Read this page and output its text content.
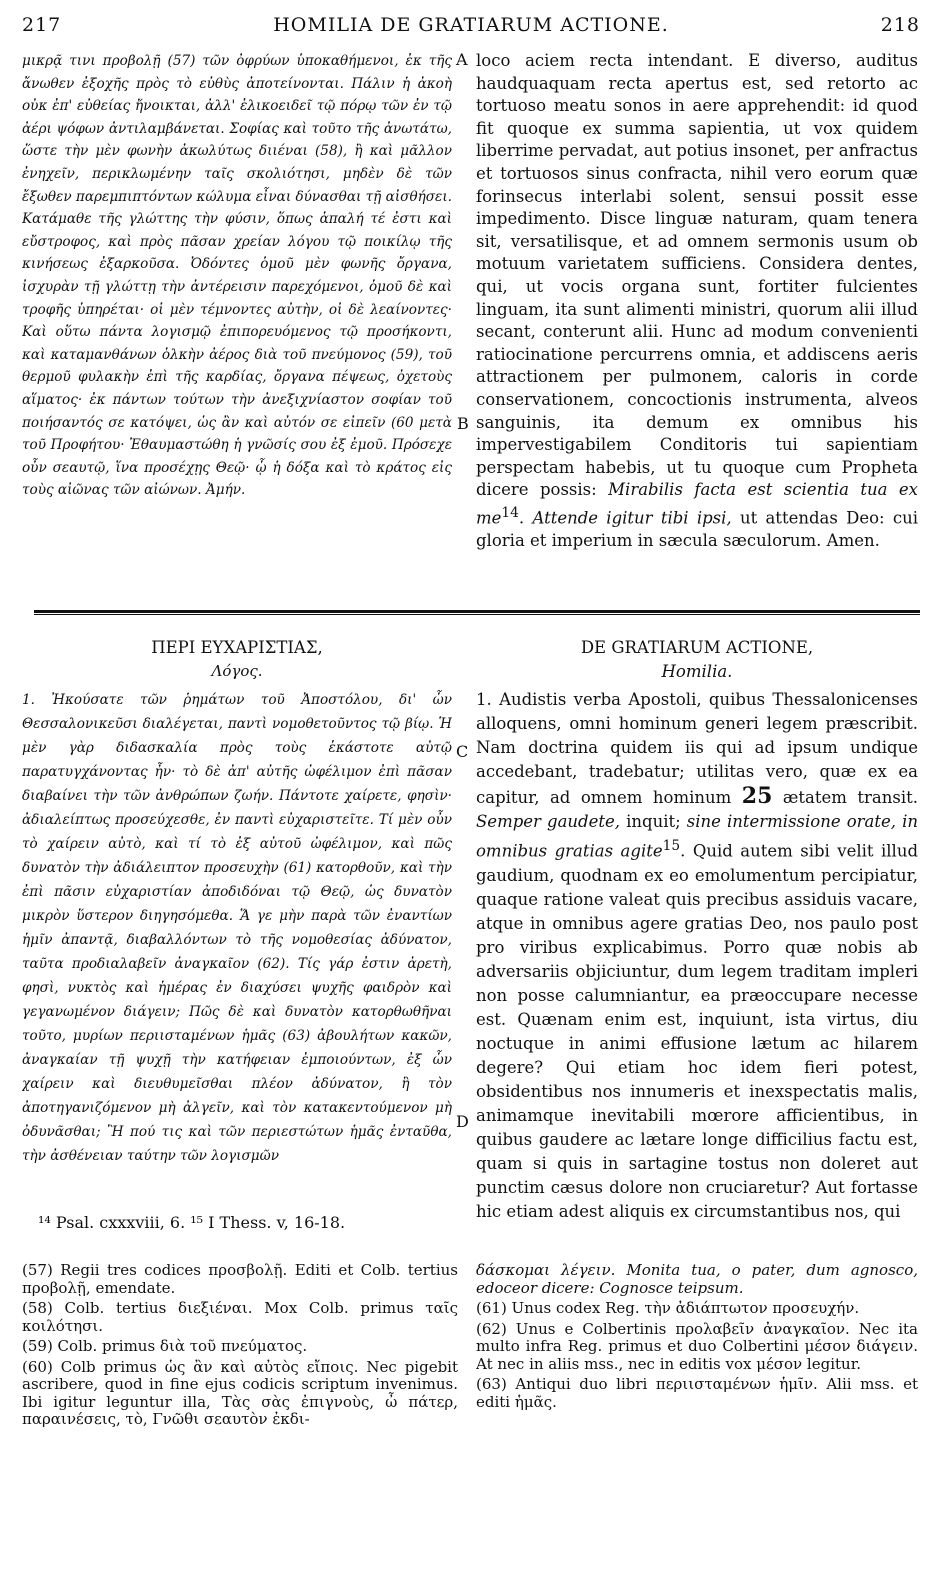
217	HOMILIA DE GRATIARUM ACTIONE.	218
μικρᾷ τινι προβολῇ (57) τῶν ὀφρύων ὑποκαθήμενοι, ἐκ τῆς ἄνωθεν ἐξοχῆς πρὸς τὸ εὐθὺς ἀποτείνονται. Πάλιν ἡ ἀκοὴ οὐκ ἐπ' εὐθείας ἤνοικται, ἀλλ' ἑλικοειδεῖ τῷ πόρῳ τῶν ἐν τῷ ἀέρι ψόφων ἀντιλαμβάνεται. Σοφίας καὶ τοῦτο τῆς ἀνωτάτω, ὥστε τὴν μὲν φωνὴν ἀκωλύτως διιέναι (58), ἢ καὶ μᾶλλον ἐνηχεῖν, περικλωμένην ταῖς σκολιότησι, μηδὲν δὲ τῶν ἔξωθεν παρεμπιπτόντων κώλυμα εἶναι δύνασθαι τῇ αἰσθήσει. Κατάμαθε τῆς γλώττης τὴν φύσιν, ὅπως ἁπαλή τέ ἐστι καὶ εὔστροφος, καὶ πρὸς πᾶσαν χρείαν λόγου τῷ ποικίλῳ τῆς κινήσεως ἐξαρκοῦσα. Ὀδόντες ὁμοῦ μὲν φωνῆς ὄργανα, ἰσχυρὰν τῇ γλώττῃ τὴν ἀντέρεισιν παρεχόμενοι, ὁμοῦ δὲ καὶ τροφῆς ὑπηρέται· οἱ μὲν τέμνοντες αὐτὴν, οἱ δὲ λεαίνοντες· Καὶ οὕτω πάντα λογισμῷ ἐπιπορευόμενος τῷ προσήκοντι, καὶ καταμανθάνων ὁλκὴν ἀέρος διὰ τοῦ πνεύμονος (59), τοῦ θερμοῦ φυλακὴν ἐπὶ τῆς καρδίας, ὄργανα πέψεως, ὀχετοὺς αἵματος· ἐκ πάντων τούτων τὴν ἀνεξιχνίαστον σοφίαν τοῦ ποιήσαντός σε κατόψει, ὡς ἂν καὶ αὐτόν σε εἰπεῖν (60 μετὰ τοῦ Προφήτου· Ἐθαυμαστώθη ἡ γνῶσίς σου ἐξ ἐμοῦ. Πρόσεχε οὖν σεαυτῷ, ἵνα προσέχῃς Θεῷ· ᾧ ἡ δόξα καὶ τὸ κράτος εἰς τοὺς αἰῶνας τῶν αἰώνων. Ἀμήν.
loco aciem recta intendant. E diverso, auditus haudquaquam recta apertus est, sed retorto ac tortuoso meatu sonos in aere apprehendit: id quod fit quoque ex summa sapientia, ut vox quidem liberrime pervadat, aut potius insonet, per anfractus et tortuosos sinus confracta, nihil vero eorum quæ forinsecus interlabi solent, sensui possit esse impedimento. Disce linguæ naturam, quam tenera sit, versatilisque, et ad omnem sermonis usum ob motuum varietatem sufficiens. Considera dentes, qui, ut vocis organa sunt, fortiter fulcientes linguam, ita sunt alimenti ministri, quorum alii illud secant, conterunt alii. Hunc ad modum convenienti ratiocinatione percurrens omnia, et addiscens aeris attractionem per pulmonem, caloris in corde conservationem, concoctionis instrumenta, alveos sanguinis, ita demum ex omnibus his impervestigabilem Conditoris tui sapientiam perspectam habebis, ut tu quoque cum Propheta dicere possis: Mirabilis facta est scientia tua ex $me^{14}$. Attende igitur tibi ipsi, ut attendas Deo: cui gloria et imperium in sæcula sæculorum. Amen.
A
B
C
D
ΠΕΡΙ ΕΥΧΑΡΙΣΤΙΑΣ,
Λόγος.
DE GRATIARUM ACTIONE,
Homilia.
1. Ἠκούσατε τῶν ῥημάτων τοῦ Ἀποστόλου, δι' ὧν Θεσσαλονικεῦσι διαλέγεται, παντὶ νομοθετοῦντος τῷ βίῳ. Ἡ μὲν γὰρ διδασκαλία πρὸς τοὺς ἑκάστοτε αὐτῷ παρατυγχάνοντας ἦν· τὸ δὲ ἀπ' αὐτῆς ὠφέλιμον ἐπὶ πᾶσαν διαβαίνει τὴν τῶν ἀνθρώπων ζωήν. Πάντοτε χαίρετε, φησὶν· ἀδιαλείπτως προσεύχεσθε, ἐν παντὶ εὐχαριστεῖτε. Τί μὲν οὖν τὸ χαίρειν αὐτὸ, καὶ τί τὸ ἐξ αὐτοῦ ὠφέλιμον, καὶ πῶς δυνατὸν τὴν ἀδιάλειπτον προσευχὴν (61) κατορθοῦν, καὶ τὴν ἐπὶ πᾶσιν εὐχαριστίαν ἀποδιδόναι τῷ Θεῷ, ὡς δυνατὸν μικρὸν ὕστερον διηγησόμεθα. Ἅ γε μὴν παρὰ τῶν ἐναντίων ἡμῖν ἀπαντᾷ, διαβαλλόντων τὸ τῆς νομοθεσίας ἀδύνατον, ταῦτα προδιαλαβεῖν ἀναγκαῖον (62). Τίς γάρ ἐστιν ἀρετὴ, φησὶ, νυκτὸς καὶ ἡμέρας ἐν διαχύσει ψυχῆς φαιδρὸν καὶ γεγανωμένον διάγειν; Πῶς δὲ καὶ δυνατὸν κατορθωθῆναι τοῦτο, μυρίων περιισταμένων ἡμᾶς (63) ἀβουλήτων κακῶν, ἀναγκαίαν τῇ ψυχῇ τὴν κατήφειαν ἐμποιούντων, ἐξ ὧν χαίρειν καὶ διευθυμεῖσθαι πλέον ἀδύνατον, ἢ τὸν ἀποτηγανιζόμενον μὴ ἀλγεῖν, καὶ τὸν κατακεντούμενον μὴ ὀδυνᾶσθαι; Ἢ πού τις καὶ τῶν περιεστώτων ἡμᾶς ἐνταῦθα, τὴν ἀσθένειαν ταύτην τῶν λογισμῶν
1. Audistis verba Apostoli, quibus Thessalonicenses alloquens, omni hominum generi legem præscribit. Nam doctrina quidem iis qui ad ipsum undique accedebant, tradebatur; utilitas vero, quæ ex ea capitur, ad omnem hominum 25 ætatem transit. Semper gaudete, inquit; sine intermissione orate, in omnibus gratias agite$^{15}$. Quid autem sibi velit illud gaudium, quodnam ex eo emolumentum percipiatur, quaque ratione valeat quis precibus assiduis vacare, atque in omnibus agere gratias Deo, nos paulo post pro viribus explicabimus. Porro quæ nobis ab adversariis objiciuntur, dum legem traditam impleri non posse calumniantur, ea præoccupare necesse est. Quænam enim est, inquiunt, ista virtus, diu noctuque in animi effusione lætum ac hilarem degere? Qui etiam hoc idem fieri potest, obsidentibus nos innumeris et inexspectatis malis, animamque inevitabili mœrore afficientibus, in quibus gaudere ac lætare longe difficilius factu est, quam si quis in sartagine tostus non doleret aut punctim cæsus dolore non cruciaretur? Aut fortasse hic etiam adest aliquis ex circumstantibus nos, qui
¹⁴ Psal. cxxxviii, 6. ¹⁵ I Thess. v, 16-18.

(57) Regii tres codices προσβολῇ. Editi et Colb. tertius προβολῇ, emendate.

(58) Colb. tertius διεξιέναι. Mox Colb. primus ταῖς κοιλότησι.

(59) Colb. primus διὰ τοῦ πνεύματος.

(60) Colb primus ὡς ἂν καὶ αὐτὸς εἴποις. Nec pigebit ascribere, quod in fine ejus codicis scriptum invenimus. Ibi igitur leguntur illa, Τὰς σὰς ἐπιγνοὺς, ὦ πάτερ, παραινέσεις, τὸ, Γνῶθι σεαυτὸν ἐκδι-

δάσκομαι λέγειν. Monita tua, o pater, dum agnosco, edoceor dicere: Cognosce teipsum.

(61) Unus codex Reg. τὴν ἀδιάπτωτον προσευχήν.

(62) Unus e Colbertinis προλαβεῖν ἀναγκαῖον. Nec ita multo infra Reg. primus et duo Colbertini μέσον διάγειν. At nec in aliis mss., nec in editis vox μέσον legitur.

(63) Antiqui duo libri περιισταμένων ἡμῖν. Alii mss. et editi ἡμᾶς.
